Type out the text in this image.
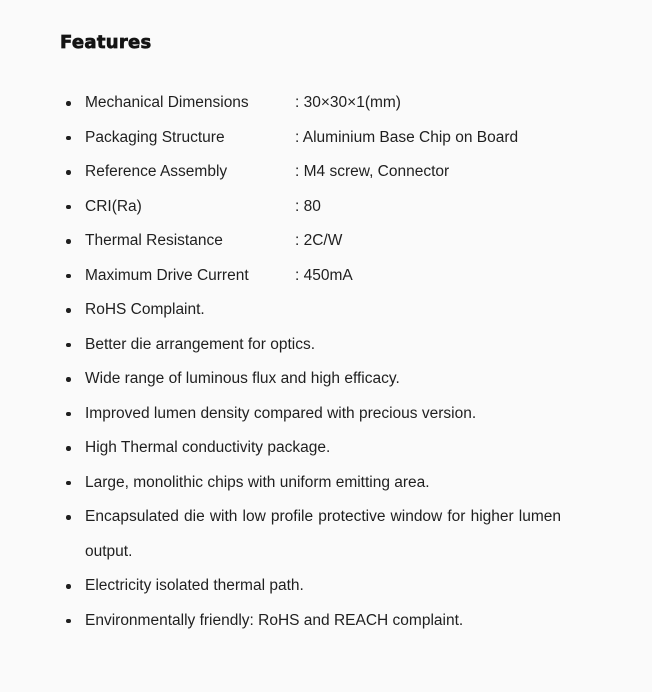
Features
Mechanical Dimensions	: 30×30×1(mm)
Packaging Structure	: Aluminium Base Chip on Board
Reference Assembly	: M4 screw, Connector
CRI(Ra)	: 80
Thermal Resistance	: 2C/W
Maximum Drive Current	: 450mA
RoHS Complaint.
Better die arrangement for optics.
Wide range of luminous flux and high efficacy.
Improved lumen density compared with precious version.
High Thermal conductivity package.
Large, monolithic chips with uniform emitting area.
Encapsulated die with low profile protective window for higher lumen output.
Electricity isolated thermal path.
Environmentally friendly: RoHS and REACH complaint.
